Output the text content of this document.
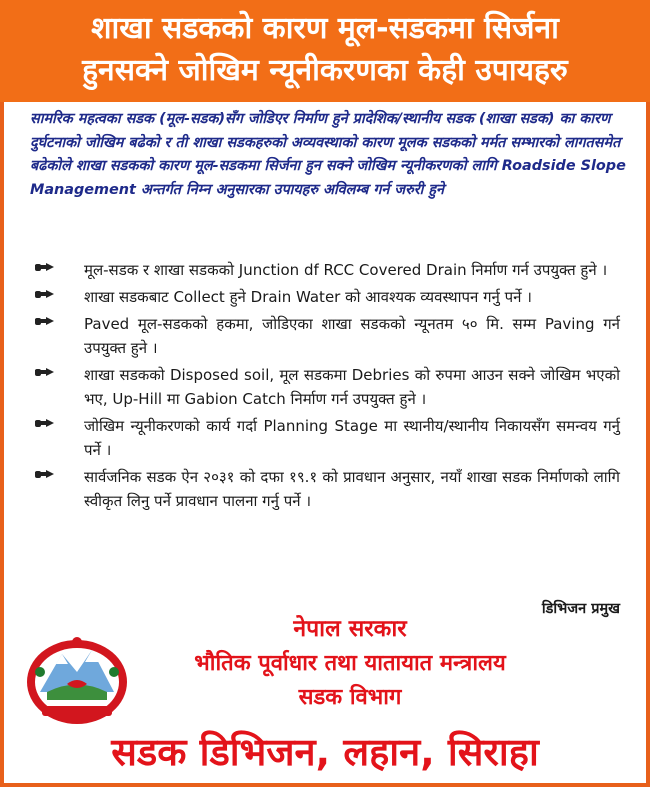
शाखा सडकको कारण मूल-सडकमा सिर्जना
हुनसक्ने जोखिम न्यूनीकरणका केही उपायहरु
सामरिक महत्वका सडक (मूल-सडक)सँग जोडिएर निर्माण हुने प्रादेशिक/स्थानीय सडक (शाखा सडक) का कारण दुर्घटनाको जोखिम बढेको र ती शाखा सडकहरुको अव्यवस्थाको कारण मूलक सडकको मर्मत सम्भारको लागतसमेत बढेकोले शाखा सडकको कारण मूल-सडकमा सिर्जना हुन सक्ने जोखिम न्यूनीकरणको लागि Roadside Slope Management अन्तर्गत निम्न अनुसारका उपायहरु अविलम्ब गर्न जरुरी हुने
मूल-सडक र शाखा सडकको Junction df RCC Covered Drain निर्माण गर्न उपयुक्त हुने ।
शाखा सडकबाट Collect हुने Drain Water को आवश्यक व्यवस्थापन गर्नु पर्ने ।
Paved मूल-सडकको हकमा, जोडिएका शाखा सडकको न्यूनतम ५० मि. सम्म Paving गर्न उपयुक्त हुने ।
शाखा सडकको Disposed soil, मूल सडकमा Debries को रुपमा आउन सक्ने जोखिम भएको भए, Up-Hill मा Gabion Catch निर्माण गर्न उपयुक्त हुने ।
जोखिम न्यूनीकरणको कार्य गर्दा Planning Stage मा स्थानीय/स्थानीय निकायसँग समन्वय गर्नु पर्ने ।
सार्वजनिक सडक ऐन २०३१ को दफा १९.१ को प्रावधान अनुसार, नयाँ शाखा सडक निर्माणको लागि स्वीकृत लिनु पर्ने प्रावधान पालना गर्नु पर्ने ।
डिभिजन प्रमुख
नेपाल सरकार
भौतिक पूर्वाधार तथा यातायात मन्त्रालय
सडक विभाग
सडक डिभिजन, लहान, सिराहा
